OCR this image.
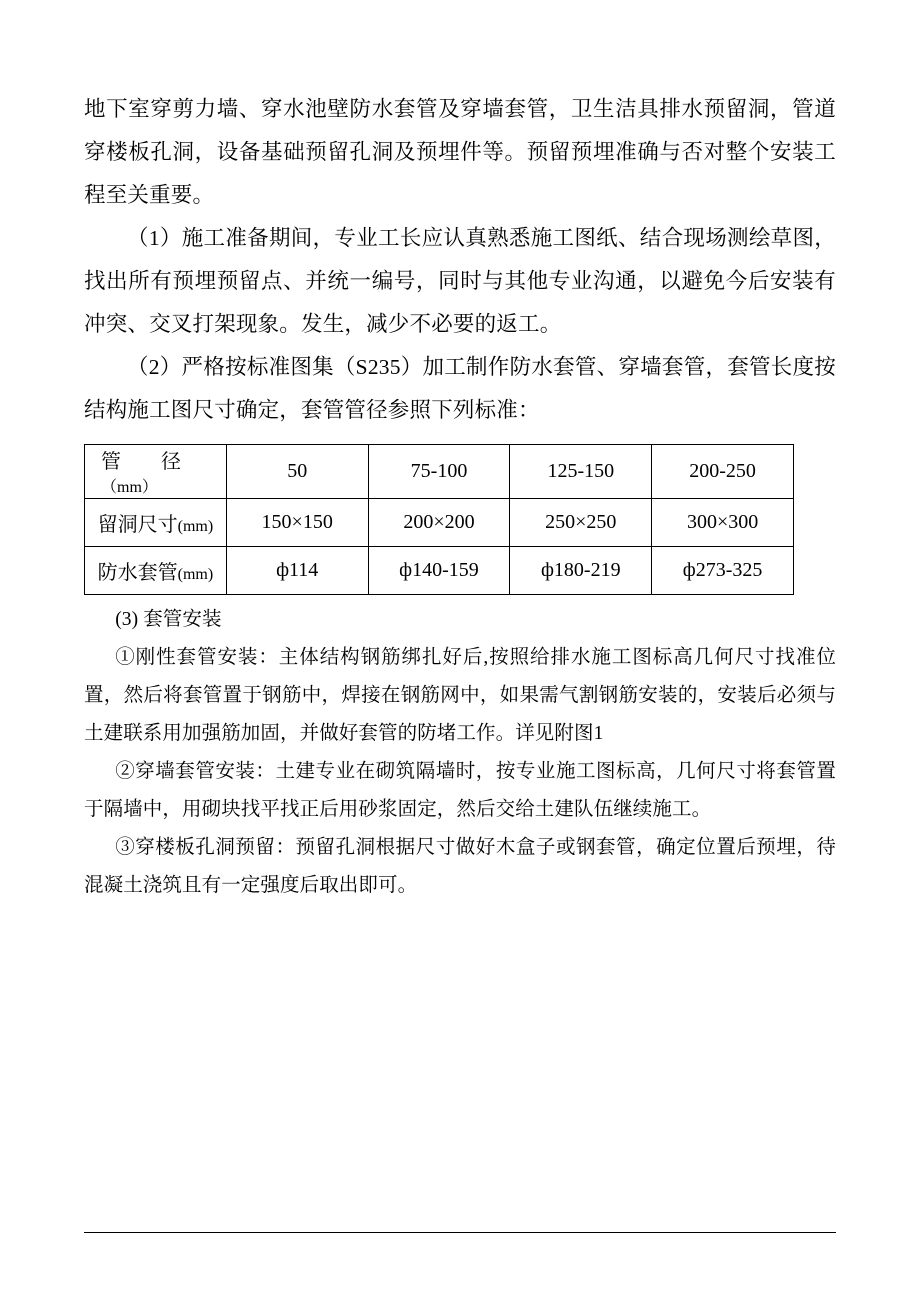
地下室穿剪力墙、穿水池壁防水套管及穿墙套管，卫生洁具排水预留洞，管道穿楼板孔洞，设备基础预留孔洞及预埋件等。预留预埋准确与否对整个安装工程至关重要。

（1）施工准备期间，专业工长应认真熟悉施工图纸、结合现场测绘草图，找出所有预埋预留点、并统一编号，同时与其他专业沟通，以避免今后安装有冲突、交叉打架现象。发生，减少不必要的返工。

（2）严格按标准图集（S235）加工制作防水套管、穿墙套管，套管长度按结构施工图尺寸确定，套管管径参照下列标准：

管　　径（mm）	50	75-100	125-150	200-250
留洞尺寸(mm)	150×150	200×200	250×250	300×300
防水套管(mm)	ф114	ф140-159	ф180-219	ф273-325

(3) 套管安装

①刚性套管安装：主体结构钢筋绑扎好后,按照给排水施工图标高几何尺寸找准位置，然后将套管置于钢筋中，焊接在钢筋网中，如果需气割钢筋安装的，安装后必须与土建联系用加强筋加固，并做好套管的防堵工作。详见附图1

②穿墙套管安装：土建专业在砌筑隔墙时，按专业施工图标高，几何尺寸将套管置于隔墙中，用砌块找平找正后用砂浆固定，然后交给土建队伍继续施工。

③穿楼板孔洞预留：预留孔洞根据尺寸做好木盒子或钢套管，确定位置后预埋，待混凝土浇筑且有一定强度后取出即可。
